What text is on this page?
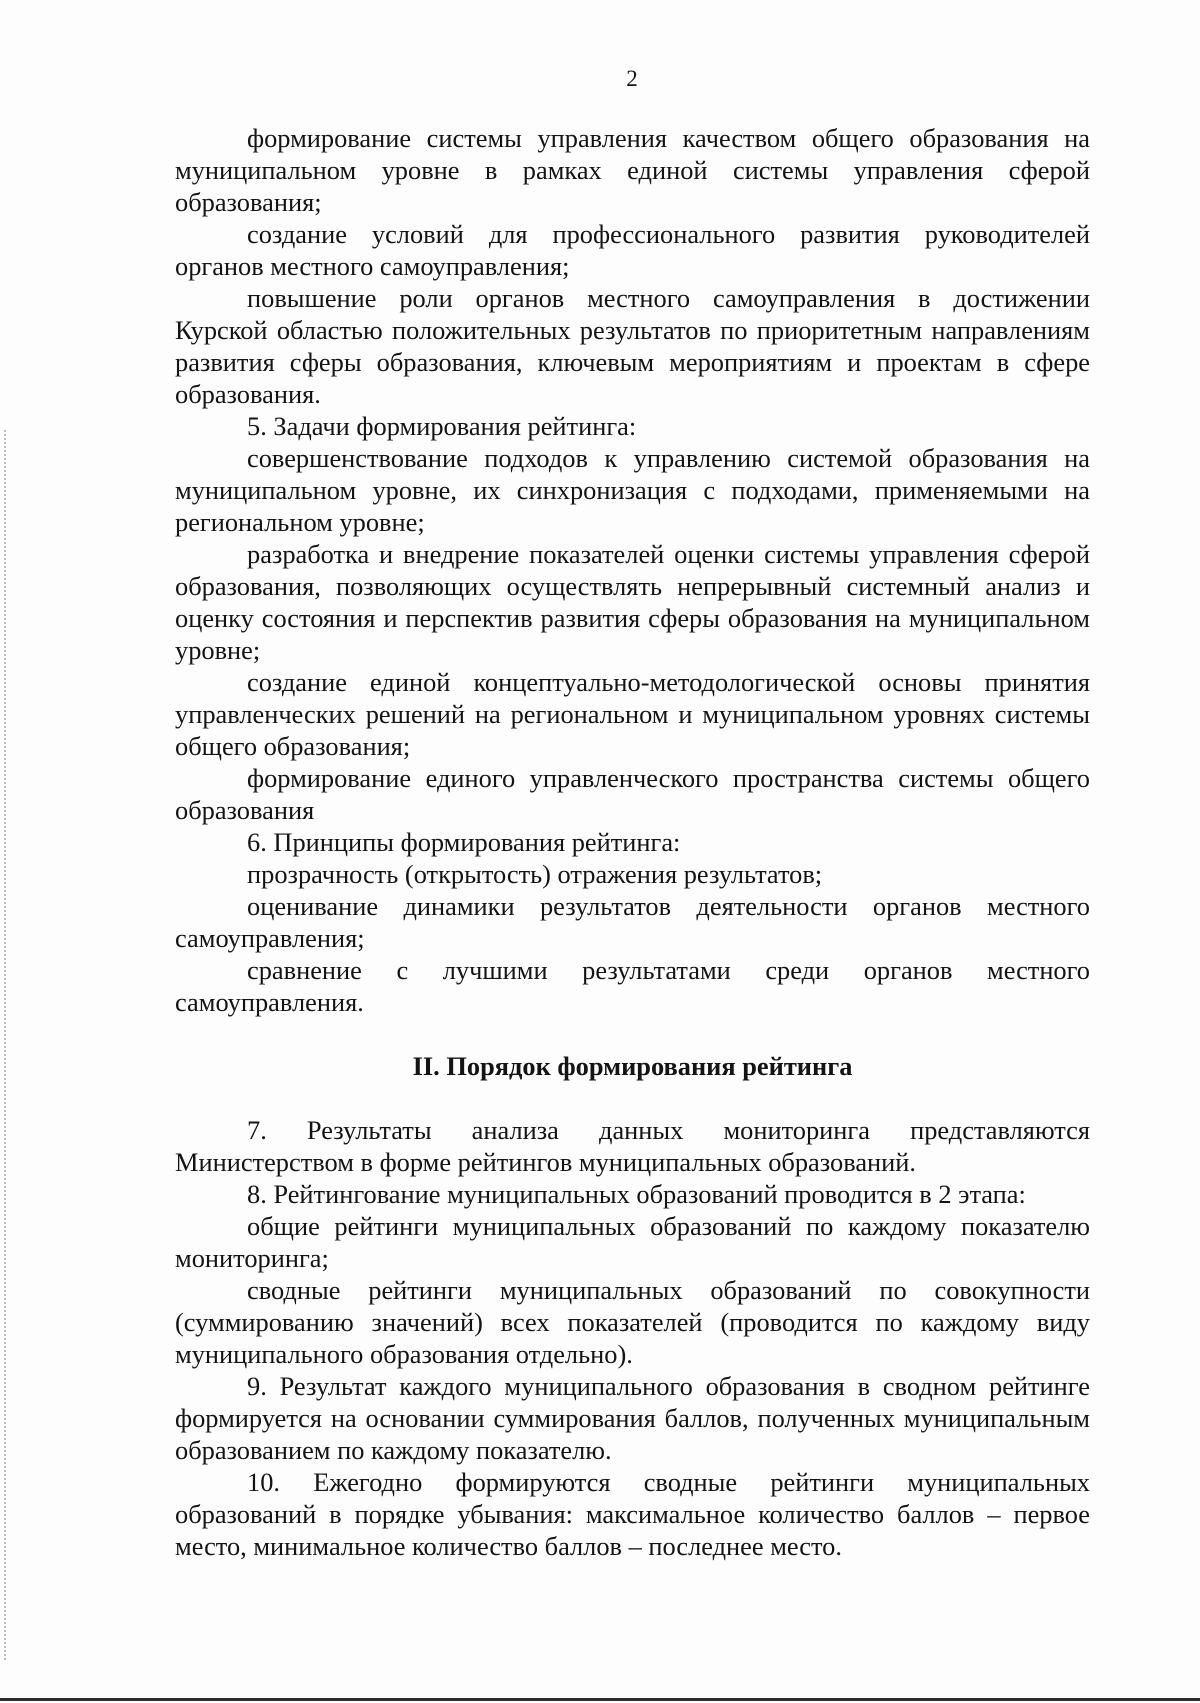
2

формирование системы управления качеством общего образования на муниципальном уровне в рамках единой системы управления сферой образования;

создание условий для профессионального развития руководителей органов местного самоуправления;

повышение роли органов местного самоуправления в достижении Курской областью положительных результатов по приоритетным направлениям развития сферы образования, ключевым мероприятиям и проектам в сфере образования.

5. Задачи формирования рейтинга:

совершенствование подходов к управлению системой образования на муниципальном уровне, их синхронизация с подходами, применяемыми на региональном уровне;

разработка и внедрение показателей оценки системы управления сферой образования, позволяющих осуществлять непрерывный системный анализ и оценку состояния и перспектив развития сферы образования на муниципальном уровне;

создание единой концептуально-методологической основы принятия управленческих решений на региональном и муниципальном уровнях системы общего образования;

формирование единого управленческого пространства системы общего образования

6. Принципы формирования рейтинга:

прозрачность (открытость) отражения результатов;

оценивание динамики результатов деятельности органов местного самоуправления;

сравнение с лучшими результатами среди органов местного самоуправления.

II. Порядок формирования рейтинга

7. Результаты анализа данных мониторинга представляются Министерством в форме рейтингов муниципальных образований.

8. Рейтингование муниципальных образований проводится в 2 этапа:

общие рейтинги муниципальных образований по каждому показателю мониторинга;

сводные рейтинги муниципальных образований по совокупности (суммированию значений) всех показателей (проводится по каждому виду муниципального образования отдельно).

9. Результат каждого муниципального образования в сводном рейтинге формируется на основании суммирования баллов, полученных муниципальным образованием по каждому показателю.

10. Ежегодно формируются сводные рейтинги муниципальных образований в порядке убывания: максимальное количество баллов – первое место, минимальное количество баллов – последнее место.
